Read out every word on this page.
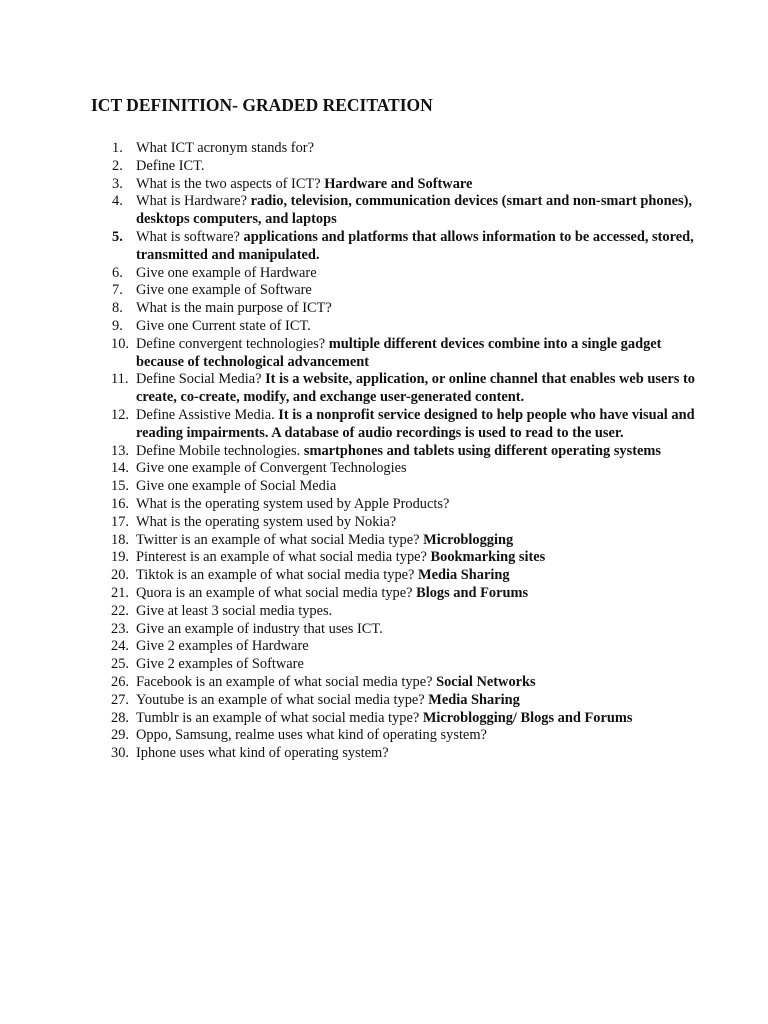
ICT DEFINITION- GRADED RECITATION
1. What ICT acronym stands for?
2. Define ICT.
3. What is the two aspects of ICT? Hardware and Software
4. What is Hardware? radio, television, communication devices (smart and non-smart phones), desktops computers, and laptops
5. What is software? applications and platforms that allows information to be accessed, stored, transmitted and manipulated.
6. Give one example of Hardware
7. Give one example of Software
8. What is the main purpose of ICT?
9. Give one Current state of ICT.
10. Define convergent technologies? multiple different devices combine into a single gadget because of technological advancement
11. Define Social Media? It is a website, application, or online channel that enables web users to create, co-create, modify, and exchange user-generated content.
12. Define Assistive Media. It is a nonprofit service designed to help people who have visual and reading impairments. A database of audio recordings is used to read to the user.
13. Define Mobile technologies. smartphones and tablets using different operating systems
14. Give one example of Convergent Technologies
15. Give one example of Social Media
16. What is the operating system used by Apple Products?
17. What is the operating system used by Nokia?
18. Twitter is an example of what social Media type? Microblogging
19. Pinterest is an example of what social media type? Bookmarking sites
20. Tiktok is an example of what social media type? Media Sharing
21. Quora is an example of what social media type? Blogs and Forums
22. Give at least 3 social media types.
23. Give an example of industry that uses ICT.
24. Give 2 examples of Hardware
25. Give 2 examples of Software
26. Facebook is an example of what social media type? Social Networks
27. Youtube is an example of what social media type? Media Sharing
28. Tumblr is an example of what social media type? Microblogging/ Blogs and Forums
29. Oppo, Samsung, realme uses what kind of operating system?
30. Iphone uses what kind of operating system?
